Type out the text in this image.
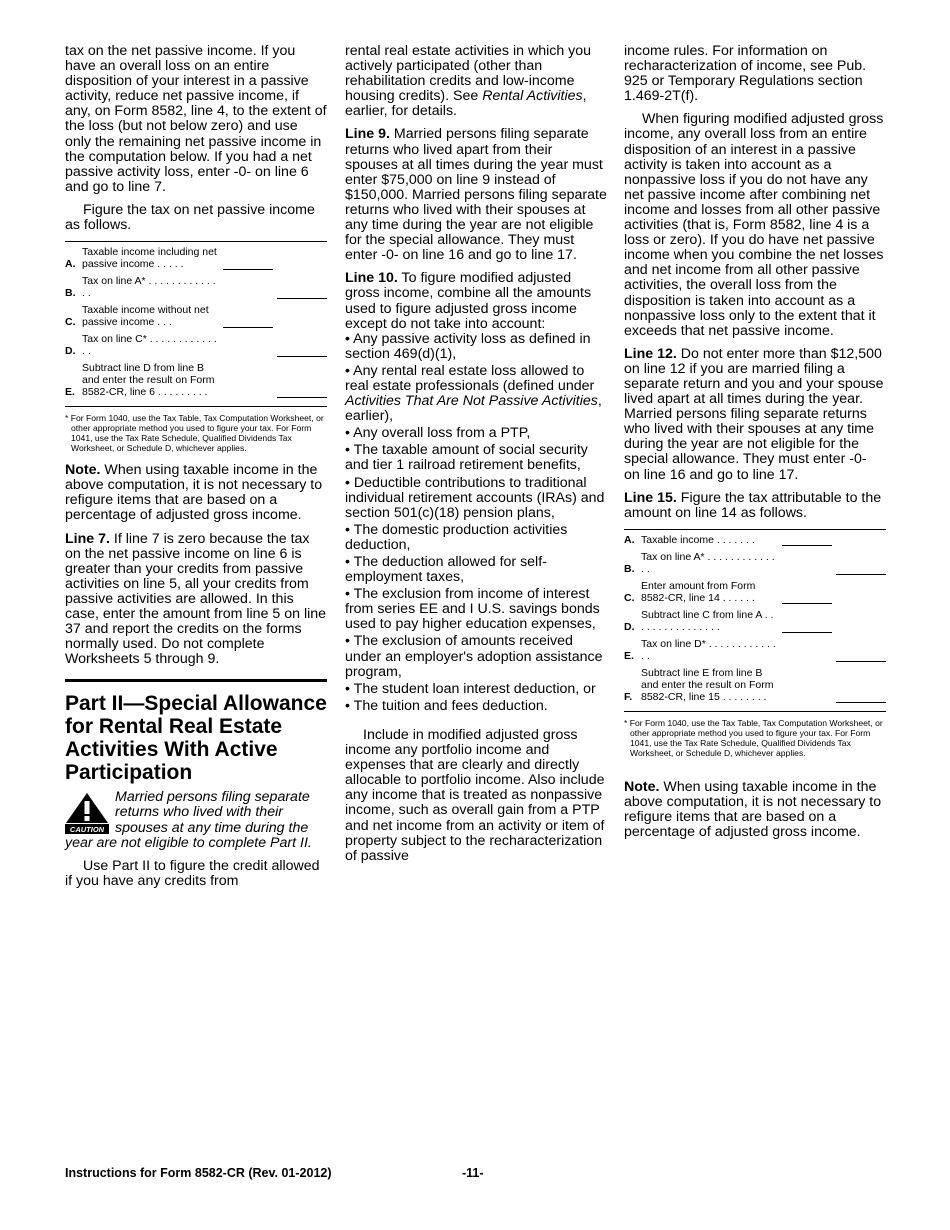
tax on the net passive income. If you have an overall loss on an entire disposition of your interest in a passive activity, reduce net passive income, if any, on Form 8582, line 4, to the extent of the loss (but not below zero) and use only the remaining net passive income in the computation below. If you had a net passive activity loss, enter -0- on line 6 and go to line 7.

Figure the tax on net passive income as follows.

A.
Taxable income including net passive income . . . . .
B.
Tax on line A* . . . . . . . . . . . . . .
C.
Taxable income without net passive income . . .
D.
Tax on line C* . . . . . . . . . . . . . .
E.
Subtract line D from line B and enter the result on Form 8582-CR, line 6 . . . . . . . . .

* For Form 1040, use the Tax Table, Tax Computation Worksheet, or other appropriate method you used to figure your tax. For Form 1041, use the Tax Rate Schedule, Qualified Dividends Tax Worksheet, or Schedule D, whichever applies.

Note. When using taxable income in the above computation, it is not necessary to refigure items that are based on a percentage of adjusted gross income.

Line 7. If line 7 is zero because the tax on the net passive income on line 6 is greater than your credits from passive activities on line 5, all your credits from passive activities are allowed. In this case, enter the amount from line 5 on line 37 and report the credits on the forms normally used. Do not complete Worksheets 5 through 9.

Part II—Special Allowance for Rental Real Estate Activities With Active Participation
CAUTION

Married persons filing separate returns who lived with their spouses at any time during the year are not eligible to complete Part II.

Use Part II to figure the credit allowed if you have any credits from

rental real estate activities in which you actively participated (other than rehabilitation credits and low-income housing credits). See Rental Activities, earlier, for details.

Line 9. Married persons filing separate returns who lived apart from their spouses at all times during the year must enter $75,000 on line 9 instead of $150,000. Married persons filing separate returns who lived with their spouses at any time during the year are not eligible for the special allowance. They must enter -0- on line 16 and go to line 17.

Line 10. To figure modified adjusted gross income, combine all the amounts used to figure adjusted gross income except do not take into account:

• Any passive activity loss as defined in section 469(d)(1),
• Any rental real estate loss allowed to real estate professionals (defined under Activities That Are Not Passive Activities, earlier),
• Any overall loss from a PTP,
• The taxable amount of social security and tier 1 railroad retirement benefits,
• Deductible contributions to traditional individual retirement accounts (IRAs) and section 501(c)(18) pension plans,
• The domestic production activities deduction,
• The deduction allowed for self-employment taxes,
• The exclusion from income of interest from series EE and I U.S. savings bonds used to pay higher education expenses,
• The exclusion of amounts received under an employer's adoption assistance program,
• The student loan interest deduction, or
• The tuition and fees deduction.

Include in modified adjusted gross income any portfolio income and expenses that are clearly and directly allocable to portfolio income. Also include any income that is treated as nonpassive income, such as overall gain from a PTP and net income from an activity or item of property subject to the recharacterization of passive

income rules. For information on recharacterization of income, see Pub. 925 or Temporary Regulations section 1.469-2T(f).

When figuring modified adjusted gross income, any overall loss from an entire disposition of an interest in a passive activity is taken into account as a nonpassive loss if you do not have any net passive income after combining net income and losses from all other passive activities (that is, Form 8582, line 4 is a loss or zero). If you do have net passive income when you combine the net losses and net income from all other passive activities, the overall loss from the disposition is taken into account as a nonpassive loss only to the extent that it exceeds that net passive income.

Line 12. Do not enter more than $12,500 on line 12 if you are married filing a separate return and you and your spouse lived apart at all times during the year. Married persons filing separate returns who lived with their spouses at any time during the year are not eligible for the special allowance. They must enter -0- on line 16 and go to line 17.

Line 15. Figure the tax attributable to the amount on line 14 as follows.

A. Taxable income . . . . . . .
B.
Tax on line A* . . . . . . . . . . . . . .
C.
Enter amount from Form 8582-CR, line 14 . . . . . .
D.
Subtract line C from line A . . . . . . . . . . . . . . . .
E.
Tax on line D* . . . . . . . . . . . . . .
F.
Subtract line E from line B and enter the result on Form 8582-CR, line 15 . . . . . . . .

* For Form 1040, use the Tax Table, Tax Computation Worksheet, or other appropriate method you used to figure your tax. For Form 1041, use the Tax Rate Schedule, Qualified Dividends Tax Worksheet, or Schedule D, whichever applies.

Note. When using taxable income in the above computation, it is not necessary to refigure items that are based on a percentage of adjusted gross income.

Instructions for Form 8582-CR (Rev. 01-2012)	-11-
